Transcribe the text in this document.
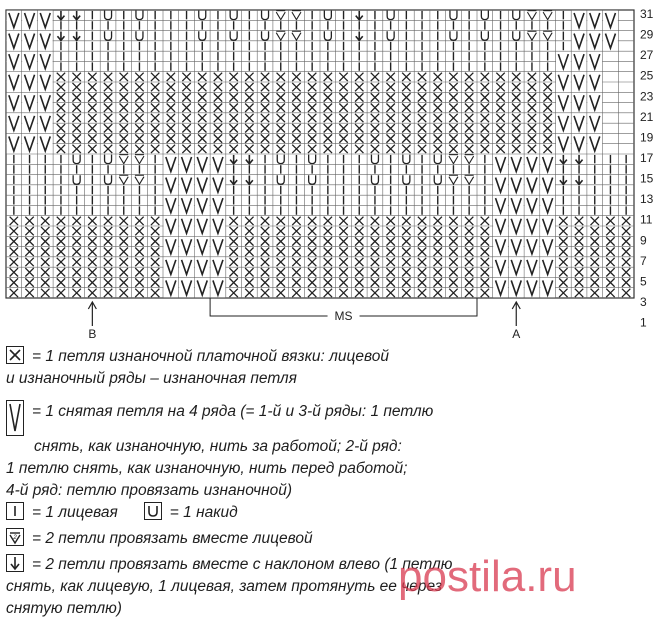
31
29
27
25
23
21
19
17
15
13
11
9
7
5
3
1
B	A
MS
= 1 петля изнаночной платочной вязки: лицевой
и изнаночный ряды – изнаночная петля
= 1 снятая петля на 4 ряда (= 1-й и 3-й ряды: 1 петлю
снять, как изнаночную, нить за работой; 2-й ряд:
1 петлю снять, как изнаночную, нить перед работой;
4-й ряд: петлю провязать изнаночной)
= 1 лицевая	= 1 накид
2 = 2 петли провязать вместе лицевой
= 2 петли провязать вместе с наклоном влево (1 петлю
снять, как лицевую, 1 лицевая, затем протянуть ее через
снятую петлю)
postila.ru
